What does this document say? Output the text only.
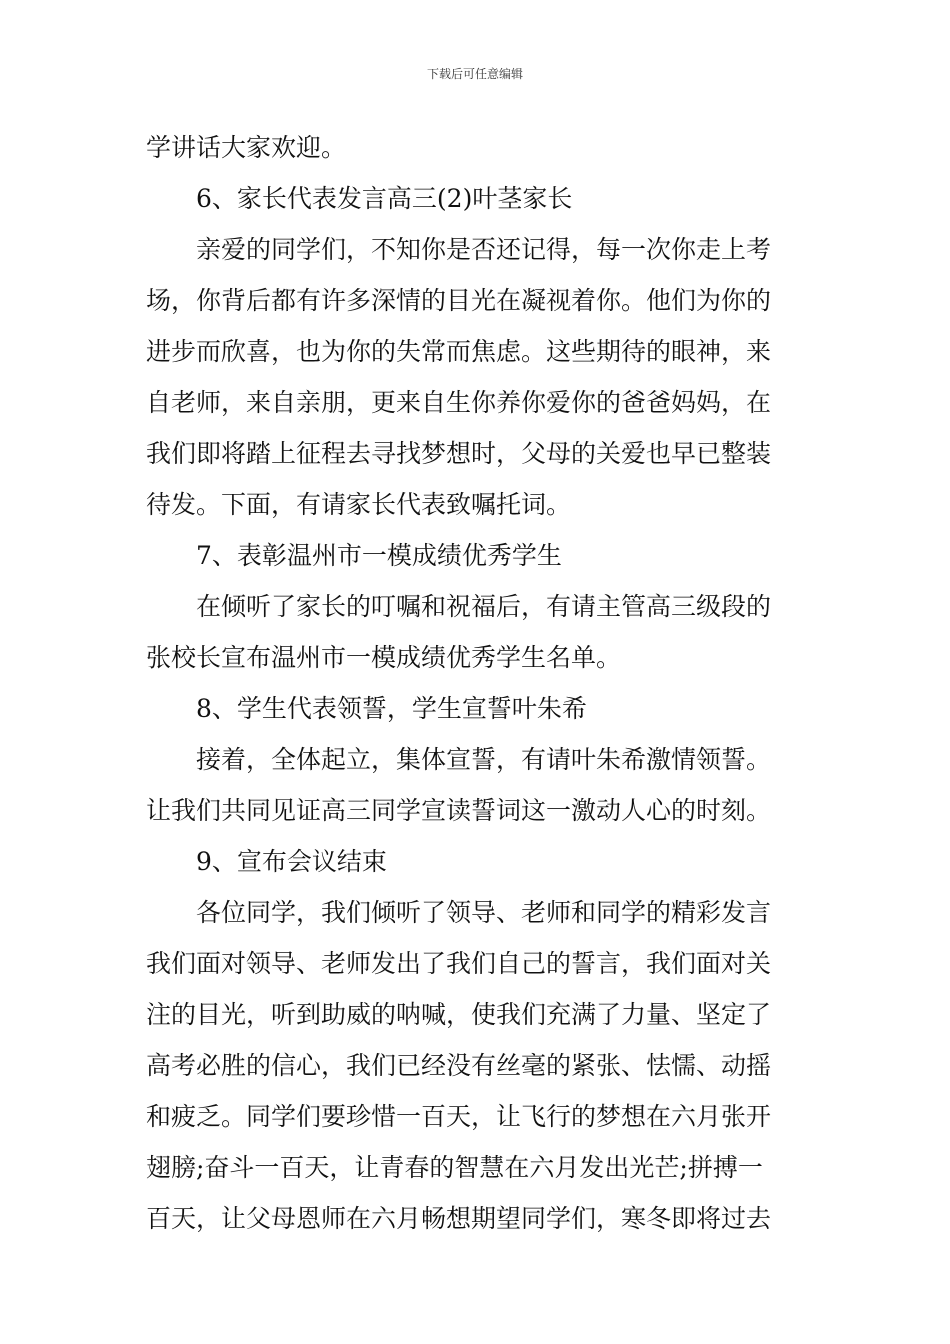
下载后可任意编辑
学讲话大家欢迎。
6、家长代表发言高三(2)叶茎家长
亲爱的同学们，不知你是否还记得，每一次你走上考
场，你背后都有许多深情的目光在凝视着你。他们为你的
进步而欣喜，也为你的失常而焦虑。这些期待的眼神，来
自老师，来自亲朋，更来自生你养你爱你的爸爸妈妈，在
我们即将踏上征程去寻找梦想时，父母的关爱也早已整装
待发。下面，有请家长代表致嘱托词。
7、表彰温州市一模成绩优秀学生
在倾听了家长的叮嘱和祝福后，有请主管高三级段的
张校长宣布温州市一模成绩优秀学生名单。
8、学生代表领誓，学生宣誓叶朱希
接着，全体起立，集体宣誓，有请叶朱希激情领誓。
让我们共同见证高三同学宣读誓词这一激动人心的时刻。
9、宣布会议结束
各位同学，我们倾听了领导、老师和同学的精彩发言
我们面对领导、老师发出了我们自己的誓言，我们面对关
注的目光，听到助威的呐喊，使我们充满了力量、坚定了
高考必胜的信心，我们已经没有丝毫的紧张、怯懦、动摇
和疲乏。同学们要珍惜一百天，让飞行的梦想在六月张开
翅膀;奋斗一百天，让青春的智慧在六月发出光芒;拼搏一
百天，让父母恩师在六月畅想期望同学们，寒冬即将过去
